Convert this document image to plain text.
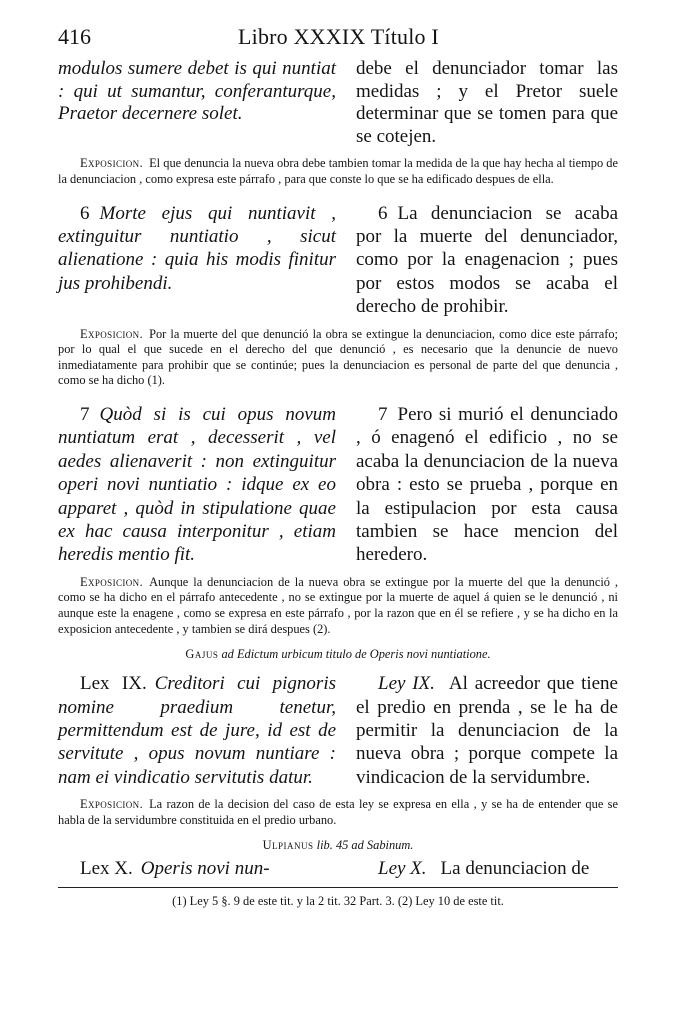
416	Libro XXXIX Título I
modulos sumere debet is qui nuntiat : qui ut sumantur, conferanturque, Praetor decernere solet.
debe el denunciador tomar las medidas ; y el Pretor suele determinar que se tomen para que se cotejen.

Exposicion. El que denuncia la nueva obra debe tambien tomar la medida de la que hay hecha al tiempo de la denunciacion , como expresa este párrafo , para que conste lo que se ha edificado despues de ella.

6 Morte ejus qui nuntiavit , extinguitur nuntiatio , sicut alienatione : quia his modis finitur jus prohibendi.
6 La denunciacion se acaba por la muerte del denunciador, como por la enagenacion ; pues por estos modos se acaba el derecho de prohibir.

Exposicion. Por la muerte del que denunció la obra se extingue la denunciacion, como dice este párrafo; por lo qual el que sucede en el derecho del que denunció , es necesario que la denuncie de nuevo inmediatamente para prohibir que se continúe; pues la denunciacion es personal de parte del que denuncia , como se ha dicho (1).

7 Quòd si is cui opus novum nuntiatum erat , decesserit , vel aedes alienaverit : non extinguitur operi novi nuntiatio : idque ex eo apparet , quòd in stipulatione quae ex hac causa interponitur , etiam heredis mentio fit.
7 Pero si murió el denunciado , ó enagenó el edificio , no se acaba la denunciacion de la nueva obra : esto se prueba , porque en la estipulacion por esta causa tambien se hace mencion del heredero.

Exposicion. Aunque la denunciacion de la nueva obra se extingue por la muerte del que la denunció , como se ha dicho en el párrafo antecedente , no se extingue por la muerte de aquel á quien se le denunció , ni aunque este la enagene , como se expresa en este párrafo , por la razon que en él se refiere , y se ha dicho en la exposicion antecedente , y tambien se dirá despues (2).

Gajus ad Edictum urbicum titulo de Operis novi nuntiatione.
Lex IX. Creditori cui pignoris nomine praedium tenetur, permittendum est de jure, id est de servitute , opus novum nuntiare : nam ei vindicatio servitutis datur.
Ley IX. Al acreedor que tiene el predio en prenda , se le ha de permitir la denunciacion de la nueva obra ; porque compete la vindicacion de la servidumbre.

Exposicion. La razon de la decision del caso de esta ley se expresa en ella , y se ha de entender que se habla de la servidumbre constituida en el predio urbano.

Ulpianus lib. 45 ad Sabinum.
Lex X. Operis novi nun-	Ley X. La denunciacion de
(1) Ley 5 §. 9 de este tit. y la 2 tit. 32 Part. 3. (2) Ley 10 de este tit.
